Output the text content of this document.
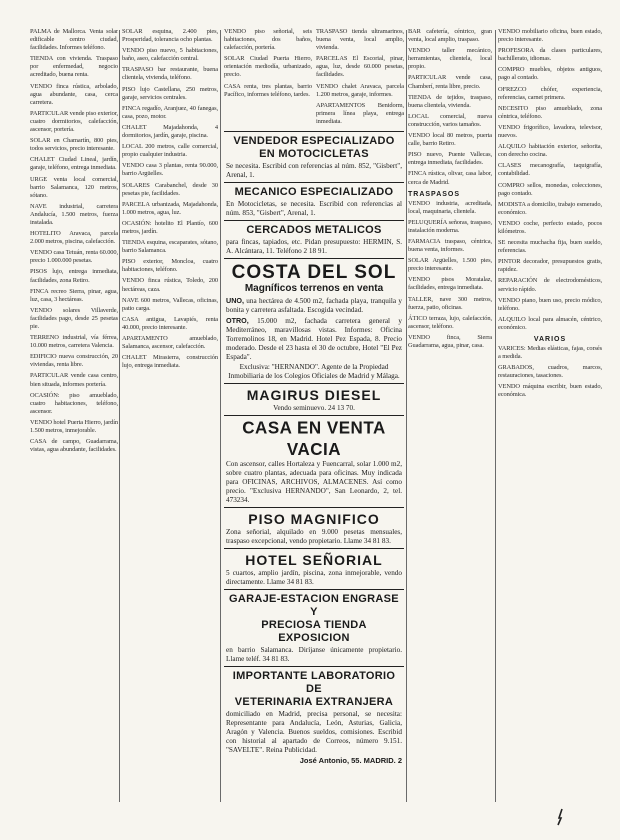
PALMA de Mallorca. Venta solar edificable centro ciudad, facilidades. Informes teléfono.

TIENDA con vivienda. Traspaso por enfermedad, negocio acreditado, buena renta.

VENDO finca rústica, arbolado, agua abundante, casa, cerca carretera.

PARTICULAR vende piso exterior, cuatro dormitorios, calefacción, ascensor, portería.

SOLAR en Chamartín, 800 pies, todos servicios, precio interesante.

CHALET Ciudad Lineal, jardín, garaje, teléfono, entrega inmediata.

URGE venta local comercial, barrio Salamanca, 120 metros, sótano.

NAVE industrial, carretera Andalucía, 1.500 metros, fuerza instalada.

HOTELITO Aravaca, parcela 2.000 metros, piscina, calefacción.

VENDO casa Tetuán, renta 60.000, precio 1.000.000 pesetas.

PISOS lujo, entrega inmediata, facilidades, zona Retiro.

FINCA recreo Sierra, pinar, agua, luz, casa, 3 hectáreas.

VENDO solares Villaverde, facilidades pago, desde 25 pesetas pie.

TERRENO industrial, vía férrea, 10.000 metros, carretera Valencia.

EDIFICIO nueva construcción, 20 viviendas, renta libre.

PARTICULAR vende casa centro, bien situada, informes portería.

OCASIÓN: piso amueblado, cuatro habitaciones, teléfono, ascensor.

VENDO hotel Puerta Hierro, jardín 1.500 metros, inmejorable.

CASA de campo, Guadarrama, vistas, agua abundante, facilidades.

SOLAR esquina, 2.400 pies, Prosperidad, tolerancia ocho plantas.

VENDO piso nuevo, 5 habitaciones, baño, aseo, calefacción central.

TRASPASO bar restaurante, buena clientela, vivienda, teléfono.

PISO lujo Castellana, 250 metros, garaje, servicios centrales.

FINCA regadío, Aranjuez, 40 fanegas, casa, pozo, motor.

CHALET Majadahonda, 4 dormitorios, jardín, garaje, piscina.

LOCAL 200 metros, calle comercial, propio cualquier industria.

VENDO casa 3 plantas, renta 90.000, barrio Argüelles.

SOLARES Carabanchel, desde 30 pesetas pie, facilidades.

PARCELA urbanizada, Majadahonda, 1.000 metros, agua, luz.

OCASIÓN: hotelito El Plantío, 600 metros, jardín.

TIENDA esquina, escaparates, sótano, barrio Salamanca.

PISO exterior, Moncloa, cuatro habitaciones, teléfono.

VENDO finca rústica, Toledo, 200 hectáreas, caza.

NAVE 600 metros, Vallecas, oficinas, patio carga.

CASA antigua, Lavapiés, renta 40.000, precio interesante.

APARTAMENTO amueblado, Salamanca, ascensor, calefacción.

CHALET Mirasierra, construcción lujo, entrega inmediata.

VENDO piso señorial, seis habitaciones, dos baños, calefacción, portería.

SOLAR Ciudad Puerta Hierro, orientación mediodía, urbanizado, precio.

CASA renta, tres plantas, barrio Pacífico, informes teléfono, tardes.

TRASPASO tienda ultramarinos, buena venta, local amplio, vivienda.

PARCELAS El Escorial, pinar, agua, luz, desde 60.000 pesetas, facilidades.

VENDO chalet Aravaca, parcela 1.200 metros, garaje, informes.

APARTAMENTOS Benidorm, primera línea playa, entrega inmediata.

VENDEDOR ESPECIALIZADO

EN MOTOCICLETAS

Se necesita. Escribid con referencias al núm. 852, "Gisbert", Arenal, 1.

MECANICO ESPECIALIZADO

En Motocicletas, se necesita. Escribid con referencias al núm. 853, "Gisbert", Arenal, 1.

CERCADOS METALICOS

para fincas, tapiados, etc. Pidan presupuesto: HERMIN, S. A. Alcántara, 11. Teléfono 2 18 91.

COSTA DEL SOL

Magníficos terrenos en venta

UNO, una hectárea de 4.500 m2, fachada playa, tranquila y bonita y carretera asfaltada. Escogida vecindad.

OTRO, 15.000 m2, fachada carretera general y Mediterráneo, maravillosas vistas. Informes: Oficina Torremolinos 18, en Madrid. Hotel Pez Espada, 8. Precio moderado. Desde el 23 hasta el 30 de octubre, Hotel "El Pez Espada".

Exclusiva: "HERNANDO". Agente de la Propiedad Inmobiliaria de los Colegios Oficiales de Madrid y Málaga.

MAGIRUS DIESEL

Vendo seminuevo. 24 13 70.

CASA EN VENTA VACIA

Con ascensor, calles Hortaleza y Fuencarral, solar 1.000 m2, sobre cuatro plantas, adecuada para oficinas. Muy indicada para OFICINAS, ARCHIVOS, ALMACENES. Así como precio. "Exclusiva HERNANDO", San Leonardo, 2, tel. 473234.

PISO MAGNIFICO

Zona señorial, alquilado en 9.000 pesetas mensuales, traspaso excepcional, vendo propietario. Llame 34 81 83.

HOTEL SEÑORIAL

5 cuartos, amplio jardín, piscina, zona inmejorable, vendo directamente. Llame 34 81 83.

GARAJE-ESTACION ENGRASE Y

PRECIOSA TIENDA EXPOSICION

en barrio Salamanca. Diríjanse únicamente propietario. Llame teléf. 34 81 83.

IMPORTANTE LABORATORIO DE

VETERINARIA EXTRANJERA

domiciliado en Madrid, precisa personal, se necesita: Representante para Andalucía, León, Asturias, Galicia, Aragón y Valencia. Buenos sueldos, comisiones. Escribid con historial al apartado de Correos, número 9.151. "SAVELTE". Reina Publicidad.

José Antonio, 55. MADRID. 2

BAR cafetería, céntrico, gran venta, local amplio, traspaso.

VENDO taller mecánico, herramientas, clientela, local propio.

PARTICULAR vende casa, Chamberí, renta libre, precio.

TIENDA de tejidos, traspaso, buena clientela, vivienda.

LOCAL comercial, nueva construcción, varios tamaños.

VENDO local 80 metros, puerta calle, barrio Retiro.

PISO nuevo, Puente Vallecas, entrega inmediata, facilidades.

FINCA rústica, olivar, casa labor, cerca de Madrid.

TRASPASOS

VENDO industria, acreditada, local, maquinaria, clientela.

PELUQUERÍA señoras, traspaso, instalación moderna.

FARMACIA traspaso, céntrica, buena venta, informes.

SOLAR Argüelles, 1.500 pies, precio interesante.

VENDO pisos Moratalaz, facilidades, entrega inmediata.

TALLER, nave 300 metros, fuerza, patio, oficinas.

ÁTICO terraza, lujo, calefacción, ascensor, teléfono.

VENDO finca, Sierra Guadarrama, agua, pinar, casa.

VENDO mobiliario oficina, buen estado, precio interesante.

PROFESORA da clases particulares, bachillerato, idiomas.

COMPRO muebles, objetos antiguos, pago al contado.

OFREZCO chófer, experiencia, referencias, carnet primera.

NECESITO piso amueblado, zona céntrica, teléfono.

VENDO frigorífico, lavadora, televisor, nuevos.

ALQUILO habitación exterior, señorita, con derecho cocina.

CLASES mecanografía, taquigrafía, contabilidad.

COMPRO sellos, monedas, colecciones, pago contado.

MODISTA a domicilio, trabajo esmerado, económico.

VENDO coche, perfecto estado, pocos kilómetros.

SE necesita muchacha fija, buen sueldo, referencias.

PINTOR decorador, presupuestos gratis, rapidez.

REPARACIÓN de electrodomésticos, servicio rápido.

VENDO piano, buen uso, precio módico, teléfono.

ALQUILO local para almacén, céntrico, económico.

VARIOS

VARICES: Medias elásticas, fajas, corsés a medida.

GRABADOS, cuadros, marcos, restauraciones, tasaciones.

VENDO máquina escribir, buen estado, económica.
